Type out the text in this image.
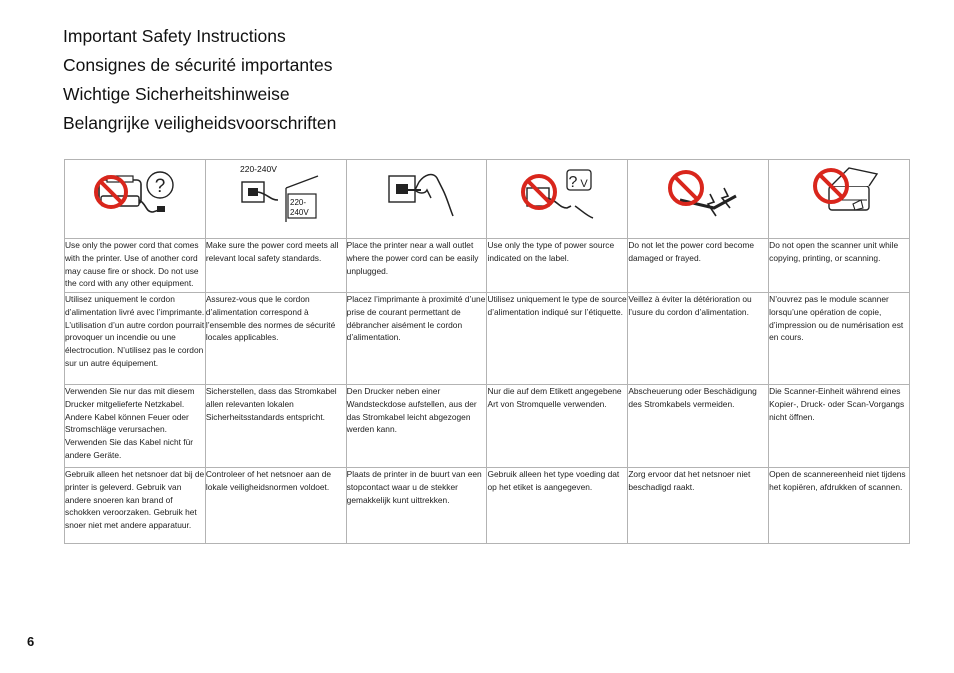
Important Safety Instructions
Consignes de sécurité importantes
Wichtige Sicherheitshinweise
Belangrijke veiligheidsvoorschriften
?	220-240V
220-
240V		? V

Use only the power cord that comes with the printer. Use of another cord may cause fire or shock. Do not use the cord with any other equipment.	Make sure the power cord meets all relevant local safety standards.	Place the printer near a wall outlet where the power cord can be easily unplugged.	Use only the type of power source indicated on the label.	Do not let the power cord become damaged or frayed.	Do not open the scanner unit while copying, printing, or scanning.
Utilisez uniquement le cordon d’alimentation livré avec l’imprimante. L’utilisation d’un autre cordon pourrait provoquer un incendie ou une électrocution. N’utilisez pas le cordon sur un autre équipement.	Assurez-vous que le cordon d’alimentation correspond à l’ensemble des normes de sécurité locales applicables.	Placez l’imprimante à proximité d’une prise de courant permettant de débrancher aisément le cordon d’alimentation.	Utilisez uniquement le type de source d’alimentation indiqué sur l’étiquette.	Veillez à éviter la détérioration ou l’usure du cordon d’alimentation.	N’ouvrez pas le module scanner lorsqu’une opération de copie, d’impression ou de numérisation est en cours.
Verwenden Sie nur das mit diesem Drucker mitgelieferte Netzkabel. Andere Kabel können Feuer oder Stromschläge verursachen. Verwenden Sie das Kabel nicht für andere Geräte.	Sicherstellen, dass das Stromkabel allen relevanten lokalen Sicherheitsstandards entspricht.	Den Drucker neben einer Wandsteckdose aufstellen, aus der das Stromkabel leicht abgezogen werden kann.	Nur die auf dem Etikett angegebene Art von Stromquelle verwenden.	Abscheuerung oder Beschädigung des Stromkabels vermeiden.	Die Scanner-Einheit während eines Kopier-, Druck- oder Scan-Vorgangs nicht öffnen.
Gebruik alleen het netsnoer dat bij de printer is geleverd. Gebruik van andere snoeren kan brand of schokken veroorzaken. Gebruik het snoer niet met andere apparatuur.	Controleer of het netsnoer aan de lokale veiligheidsnormen voldoet.	Plaats de printer in de buurt van een stopcontact waar u de stekker gemakkelijk kunt uittrekken.	Gebruik alleen het type voeding dat op het etiket is aangegeven.	Zorg ervoor dat het netsnoer niet beschadigd raakt.	Open de scannereenheid niet tijdens het kopiëren, afdrukken of scannen.
6
